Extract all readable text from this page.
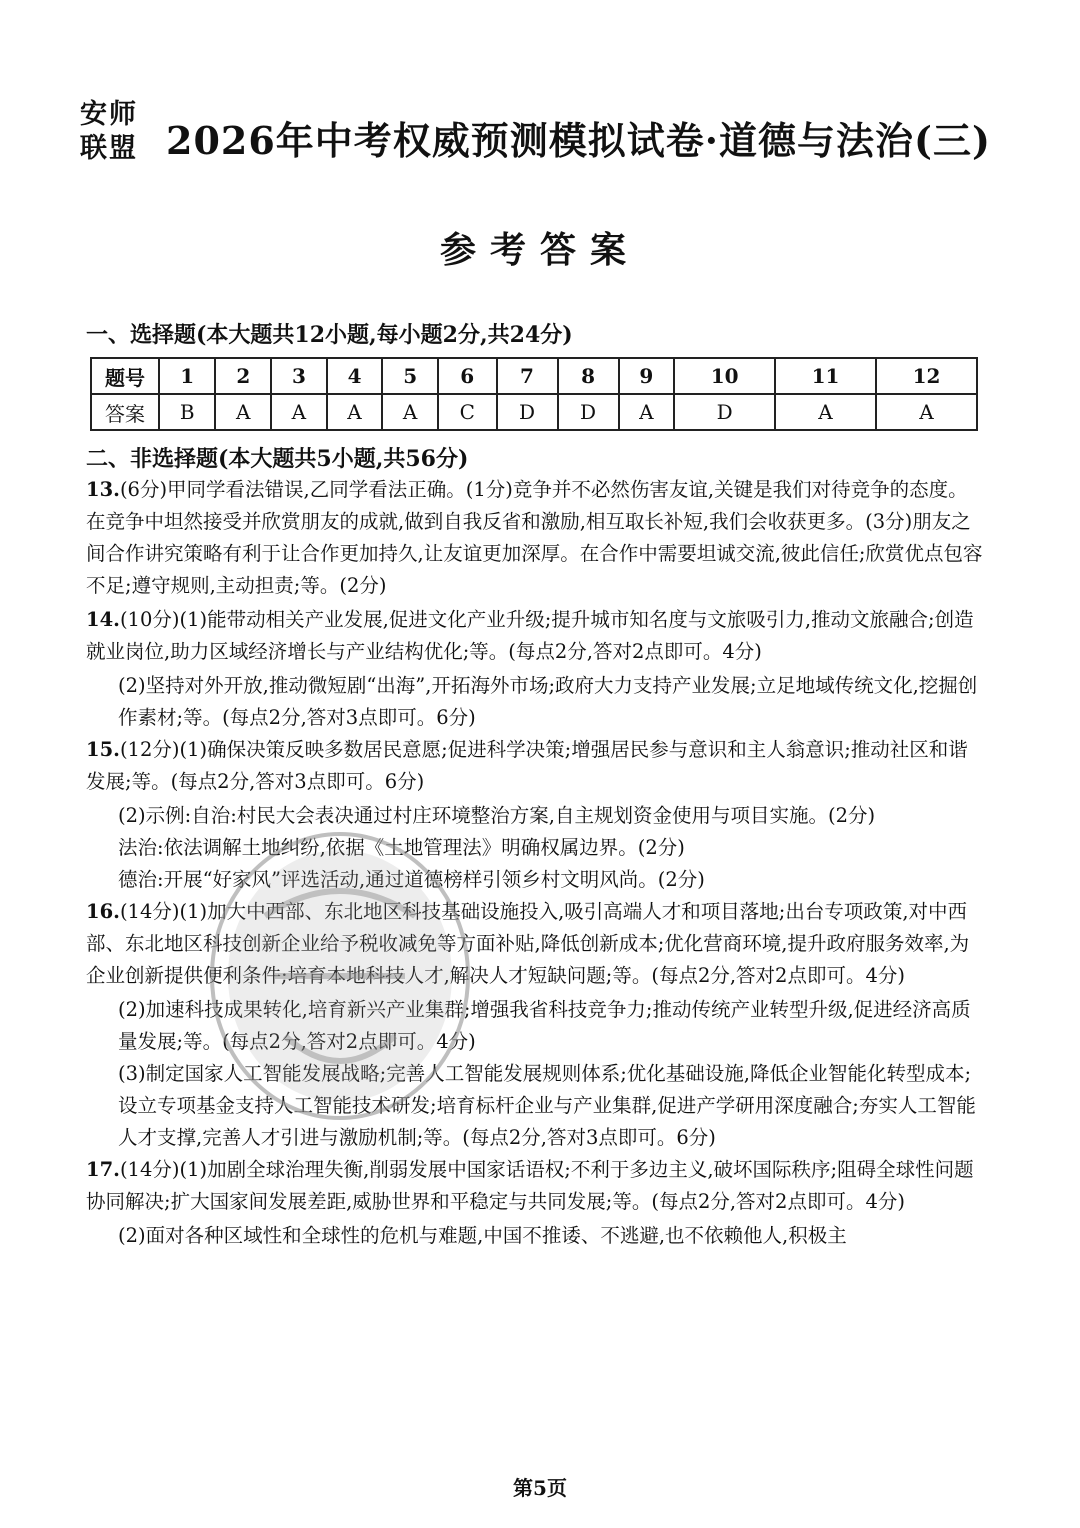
安师
联盟 2026年中考权威预测模拟试卷·道德与法治(三)
参考答案
一、选择题(本大题共12小题,每小题2分,共24分)
题号	1	2	3	4	5	6	7	8	9	10	11	12
答案	B	A	A	A	A	C	D	D	A	D	A	A
二、非选择题(本大题共5小题,共56分)
13.(6分)甲同学看法错误,乙同学看法正确。(1分)竞争并不必然伤害友谊,关键是我们对待竞争的态度。在竞争中坦然接受并欣赏朋友的成就,做到自我反省和激励,相互取长补短,我们会收获更多。(3分)朋友之间合作讲究策略有利于让合作更加持久,让友谊更加深厚。在合作中需要坦诚交流,彼此信任;欣赏优点包容不足;遵守规则,主动担责;等。(2分)
14.(10分)(1)能带动相关产业发展,促进文化产业升级;提升城市知名度与文旅吸引力,推动文旅融合;创造就业岗位,助力区域经济增长与产业结构优化;等。(每点2分,答对2点即可。4分)

(2)坚持对外开放,推动微短剧“出海”,开拓海外市场;政府大力支持产业发展;立足地域传统文化,挖掘创作素材;等。(每点2分,答对3点即可。6分)

15.(12分)(1)确保决策反映多数居民意愿;促进科学决策;增强居民参与意识和主人翁意识;推动社区和谐发展;等。(每点2分,答对3点即可。6分)

(2)示例:自治:村民大会表决通过村庄环境整治方案,自主规划资金使用与项目实施。(2分)

法治:依法调解土地纠纷,依据《土地管理法》明确权属边界。(2分)

德治:开展“好家风”评选活动,通过道德榜样引领乡村文明风尚。(2分)

16.(14分)(1)加大中西部、东北地区科技基础设施投入,吸引高端人才和项目落地;出台专项政策,对中西部、东北地区科技创新企业给予税收减免等方面补贴,降低创新成本;优化营商环境,提升政府服务效率,为企业创新提供便利条件;培育本地科技人才,解决人才短缺问题;等。(每点2分,答对2点即可。4分)

(2)加速科技成果转化,培育新兴产业集群;增强我省科技竞争力;推动传统产业转型升级,促进经济高质量发展;等。(每点2分,答对2点即可。4分)

(3)制定国家人工智能发展战略;完善人工智能发展规则体系;优化基础设施,降低企业智能化转型成本;设立专项基金支持人工智能技术研发;培育标杆企业与产业集群,促进产学研用深度融合;夯实人工智能人才支撑,完善人才引进与激励机制;等。(每点2分,答对3点即可。6分)

17.(14分)(1)加剧全球治理失衡,削弱发展中国家话语权;不利于多边主义,破坏国际秩序;阻碍全球性问题协同解决;扩大国家间发展差距,威胁世界和平稳定与共同发展;等。(每点2分,答对2点即可。4分)

(2)面对各种区域性和全球性的危机与难题,中国不推诿、不逃避,也不依赖他人,积极主

第5页
